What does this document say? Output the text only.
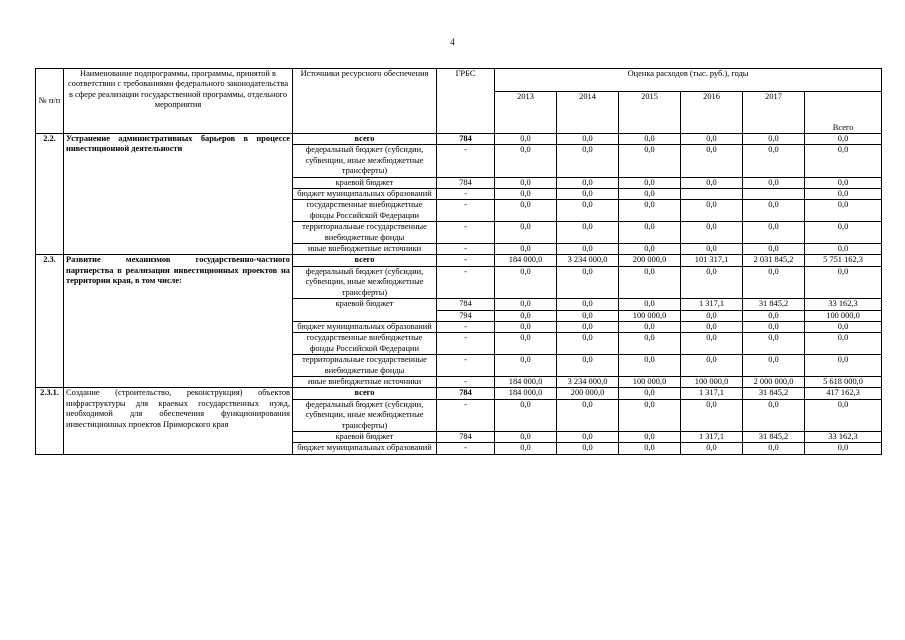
4
№ п/п	Наименование подпрограммы, программы, принятой в соответствии с требованиями федерального законодательства в сфере реализации государственной программы, отдельного мероприятия	Источники ресурсного обеспечения	ГРБС	Оценка расходов (тыс. руб.), годы					
				2013	2014	2015	2016	2017	Всего
2.2.	Устранение административных барьеров в процессе инвестиционной деятельности	всего	784	0,0	0,0	0,0	0,0	0,0	0,0
		федеральный бюджет (субсидии, субвенции, иные межбюджетные трансферты)	-	0,0	0,0	0,0	0,0	0,0	0,0
		краевой бюджет	784	0,0	0,0	0,0	0,0	0,0	0,0
		бюджет муниципальных образований	-	0,0	0,0	0,0			0,0
		государственные внебюджетные фонды Российской Федерации	-	0,0	0,0	0,0	0,0	0,0	0,0
		территориальные государственные внебюджетные фонды	-	0,0	0,0	0,0	0,0	0,0	0,0
		иные внебюджетные источники	-	0,0	0,0	0,0	0,0	0,0	0,0
2.3.	Развитие механизмов государственно-частного партнерства в реализации инвестиционных проектов на территории края, в том числе:	всего	-	184 000,0	3 234 000,0	200 000,0	101 317,1	2 031 845,2	5 751 162,3
		федеральный бюджет (субсидии, субвенции, иные межбюджетные трансферты)	-	0,0	0,0	0,0	0,0	0,0	0,0
		краевой бюджет	784	0,0	0,0	0,0	1 317,1	31 845,2	33 162,3
			794	0,0	0,0	100 000,0	0,0	0,0	100 000,0
		бюджет муниципальных образований	-	0,0	0,0	0,0	0,0	0,0	0,0
		государственные внебюджетные фонды Российской Федерации	-	0,0	0,0	0,0	0,0	0,0	0,0
		территориальные государственные внебюджетные фонды	-	0,0	0,0	0,0	0,0	0,0	0,0
		иные внебюджетные источники	-	184 000,0	3 234 000,0	100 000,0	100 000,0	2 000 000,0	5 618 000,0
2.3.1.	Создание (строительство, реконструкция) объектов инфраструктуры для краевых государственных нужд, необходимой для обеспечения функционирования инвестиционных проектов Приморского края	всего	784	184 000,0	200 000,0	0,0	1 317,1	31 845,2	417 162,3
		федеральный бюджет (субсидии, субвенции, иные межбюджетные трансферты)	-	0,0	0,0	0,0	0,0	0,0	0,0
		краевой бюджет	784	0,0	0,0	0,0	1 317,1	31 845,2	33 162,3
		бюджет муниципальных образований	-	0,0	0,0	0,0	0,0	0,0	0,0
